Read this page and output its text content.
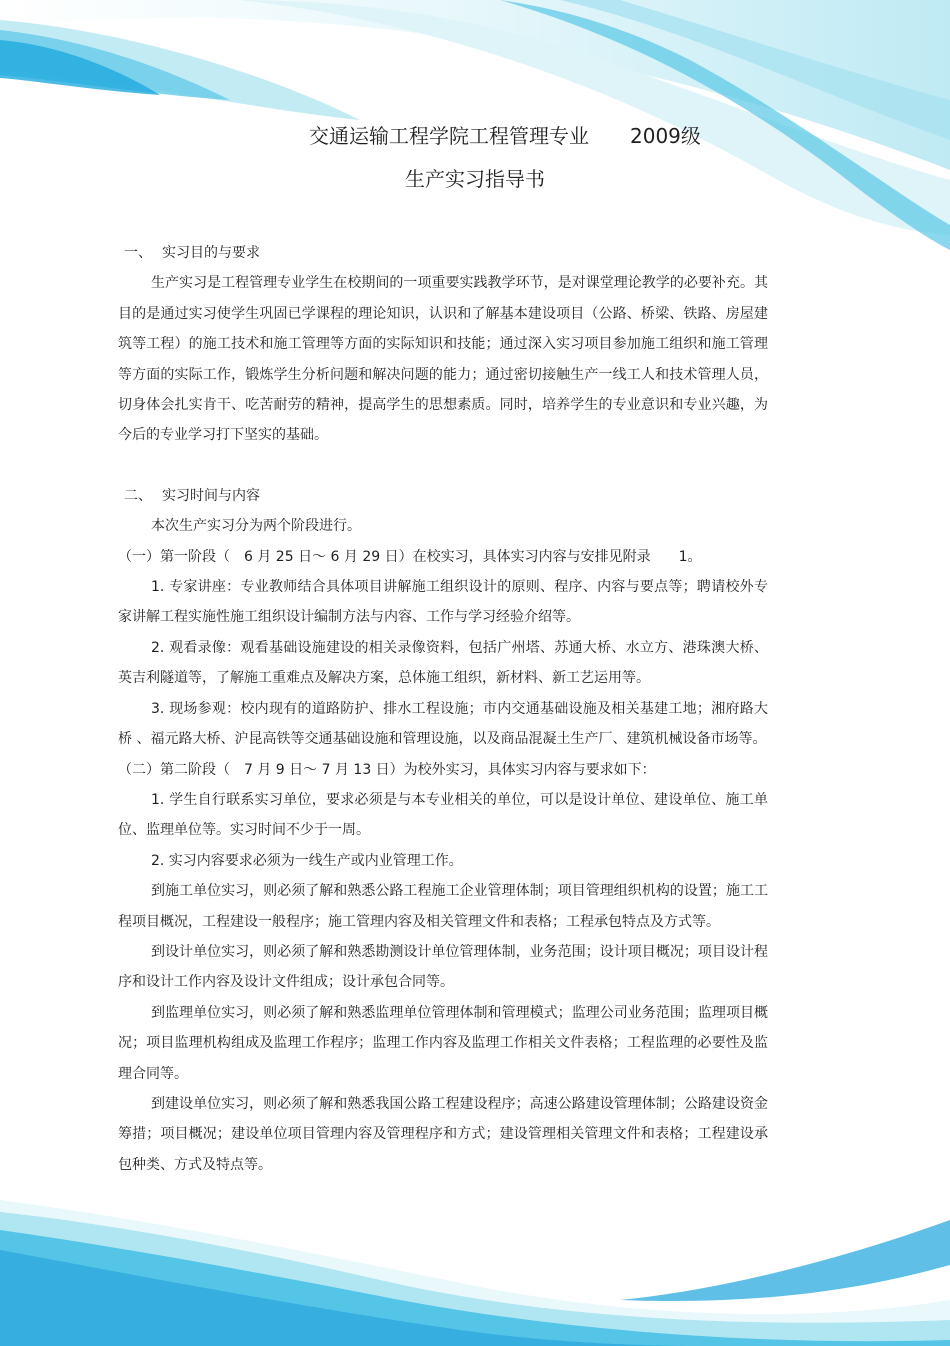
交通运输工程学院工程管理专业 2009级
生产实习指导书

一、 实习目的与要求

生产实习是工程管理专业学生在校期间的一项重要实践教学环节，是对课堂理论教学的必要补充。其目的是通过实习使学生巩固已学课程的理论知识，认识和了解基本建设项目（公路、桥梁、铁路、房屋建筑等工程）的施工技术和施工管理等方面的实际知识和技能；通过深入实习项目参加施工组织和施工管理等方面的实际工作，锻炼学生分析问题和解决问题的能力；通过密切接触生产一线工人和技术管理人员，切身体会扎实肯干、吃苦耐劳的精神，提高学生的思想素质。同时，培养学生的专业意识和专业兴趣，为今后的专业学习打下坚实的基础。

二、 实习时间与内容

本次生产实习分为两个阶段进行。

（一）第一阶段（　6 月 25 日～ 6 月 29 日）在校实习，具体实习内容与安排见附录　　1。

1. 专家讲座：专业教师结合具体项目讲解施工组织设计的原则、程序、内容与要点等；聘请校外专家讲解工程实施性施工组织设计编制方法与内容、工作与学习经验介绍等。

2. 观看录像：观看基础设施建设的相关录像资料，包括广州塔、苏通大桥、水立方、港珠澳大桥、英吉利隧道等，了解施工重难点及解决方案，总体施工组织，新材料、新工艺运用等。

3. 现场参观：校内现有的道路防护、排水工程设施；市内交通基础设施及相关基建工地；湘府路大桥 、福元路大桥、沪昆高铁等交通基础设施和管理设施，以及商品混凝土生产厂、建筑机械设备市场等。

（二）第二阶段（　7 月 9 日～ 7 月 13 日）为校外实习，具体实习内容与要求如下：

1. 学生自行联系实习单位，要求必须是与本专业相关的单位，可以是设计单位、建设单位、施工单位、监理单位等。实习时间不少于一周。

2. 实习内容要求必须为一线生产或内业管理工作。

到施工单位实习，则必须了解和熟悉公路工程施工企业管理体制；项目管理组织机构的设置；施工工程项目概况，工程建设一般程序；施工管理内容及相关管理文件和表格；工程承包特点及方式等。

到设计单位实习，则必须了解和熟悉勘测设计单位管理体制，业务范围；设计项目概况；项目设计程序和设计工作内容及设计文件组成；设计承包合同等。

到监理单位实习，则必须了解和熟悉监理单位管理体制和管理模式；监理公司业务范围；监理项目概况；项目监理机构组成及监理工作程序；监理工作内容及监理工作相关文件表格；工程监理的必要性及监理合同等。

到建设单位实习，则必须了解和熟悉我国公路工程建设程序；高速公路建设管理体制；公路建设资金筹措；项目概况；建设单位项目管理内容及管理程序和方式；建设管理相关管理文件和表格；工程建设承包种类、方式及特点等。
